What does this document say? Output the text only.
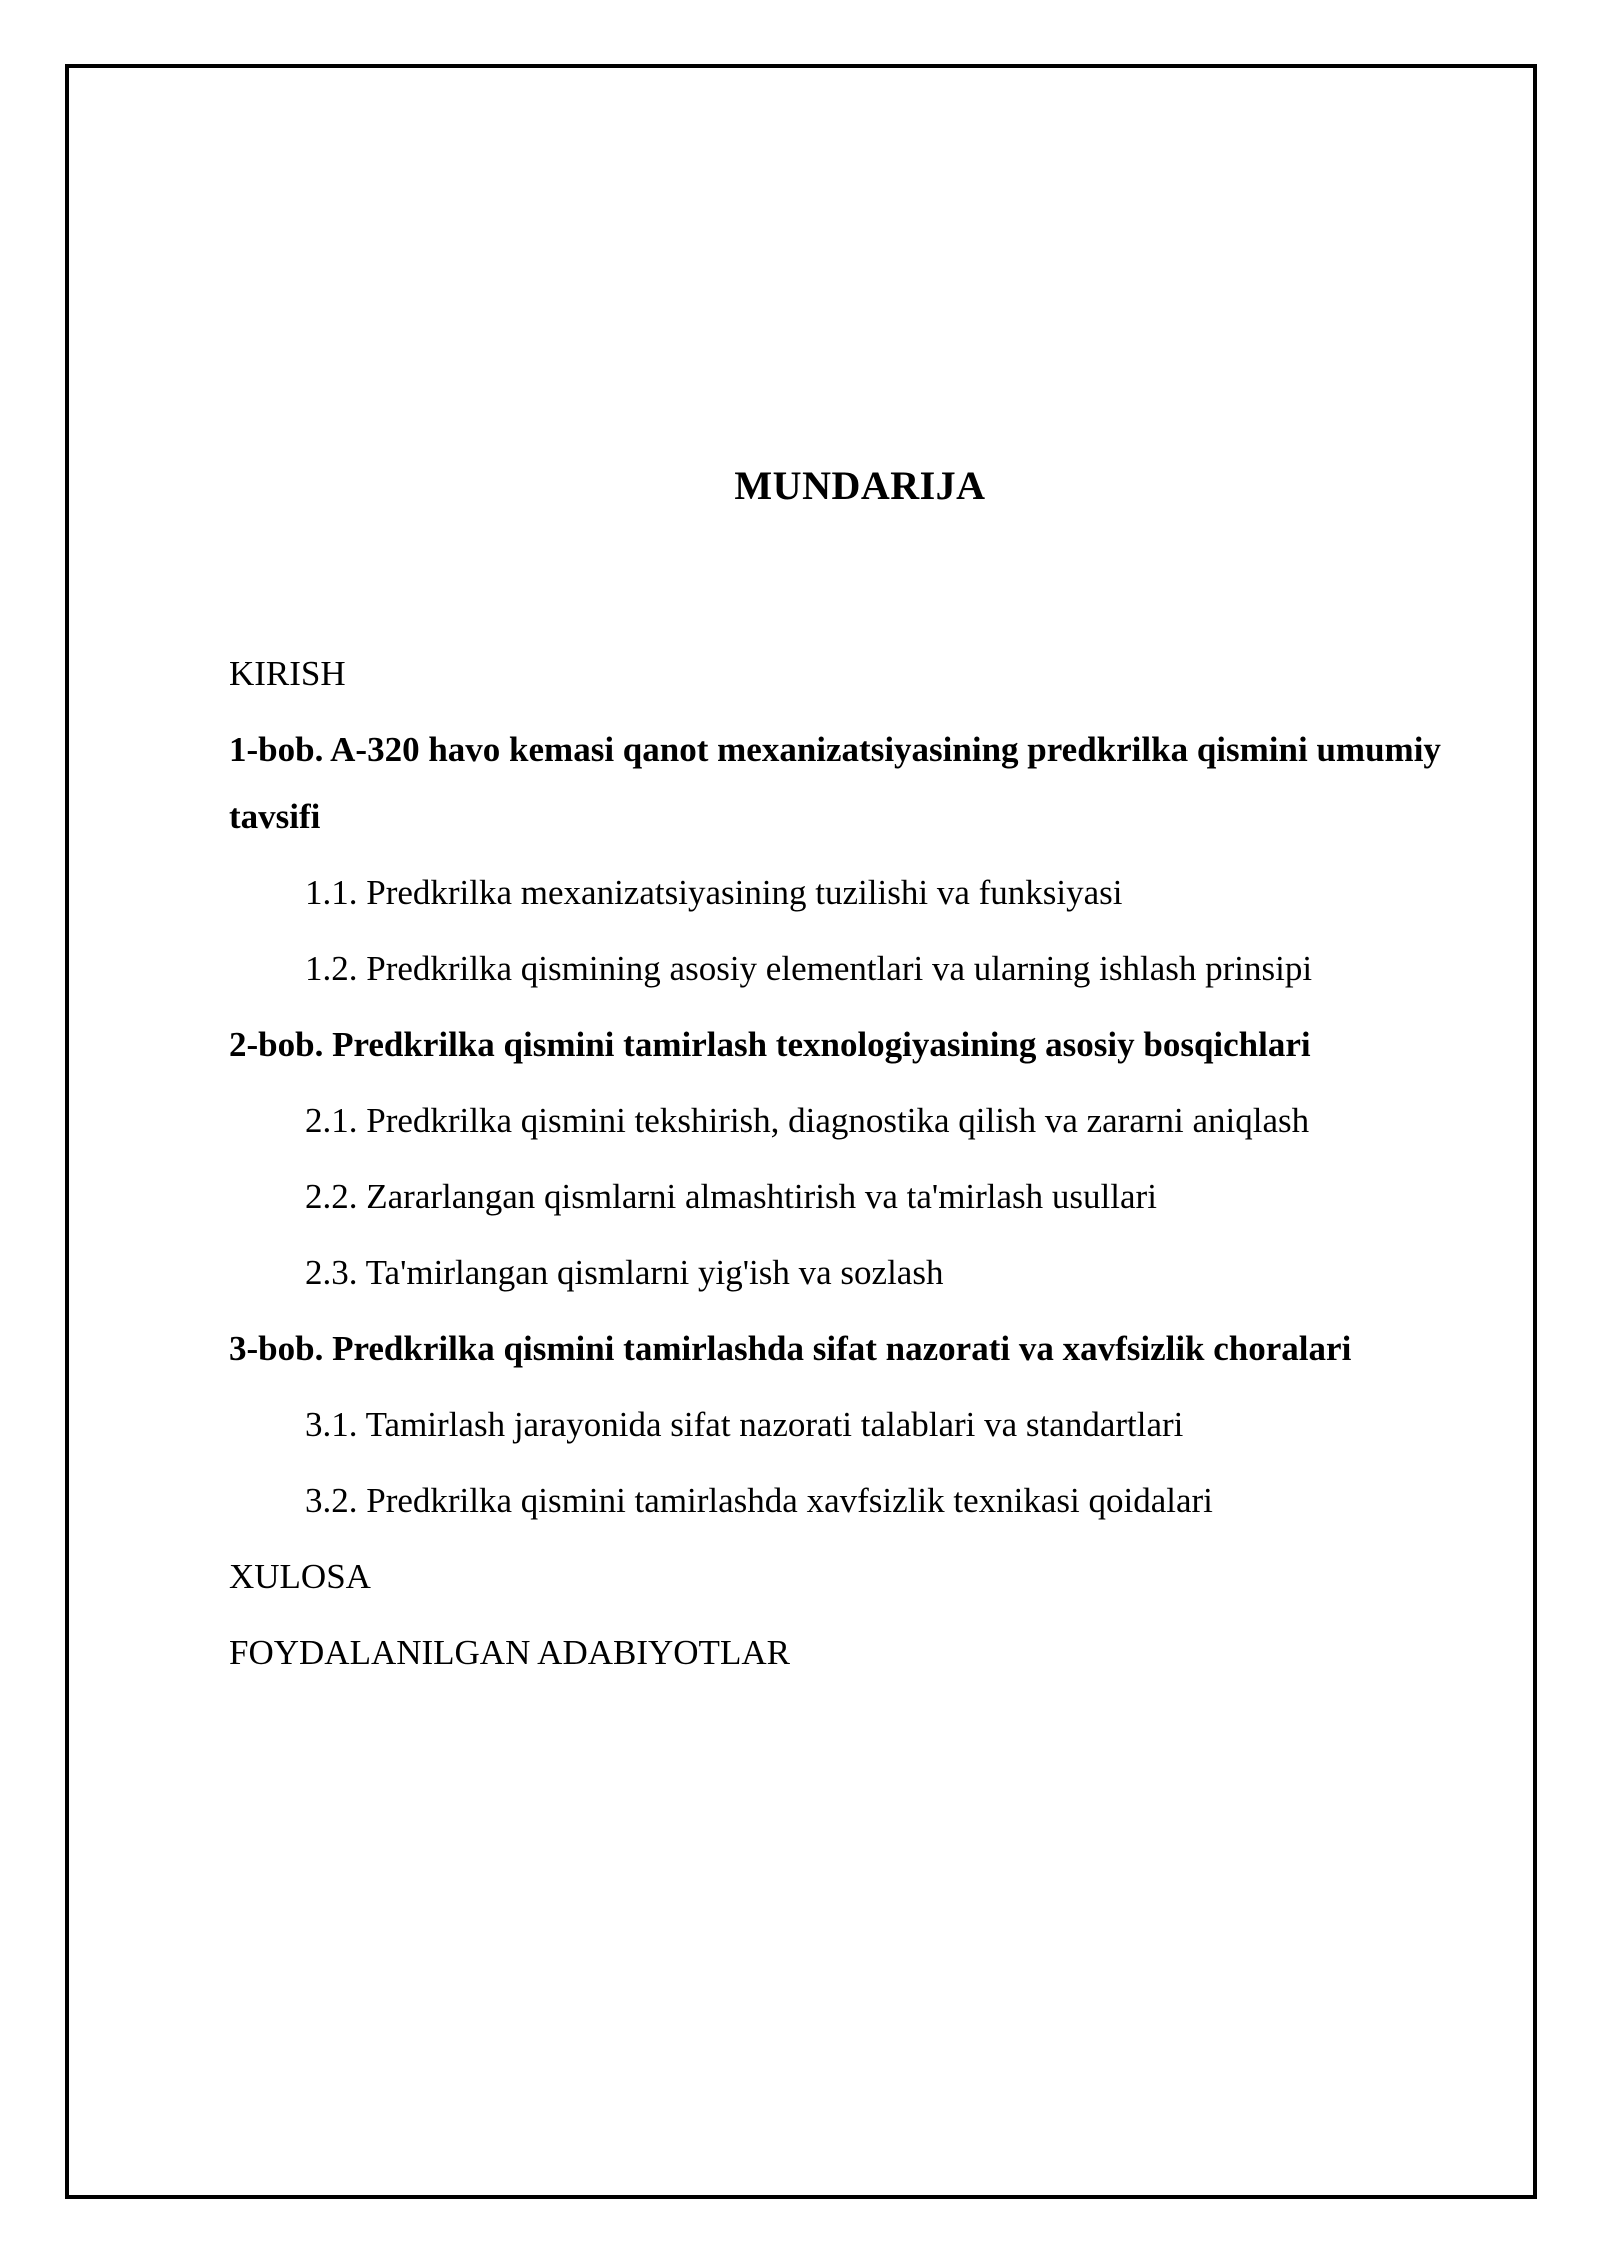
MUNDARIJA
KIRISH
1-bob. A-320 havo kemasi qanot mexanizatsiyasining predkrilka qismini umumiy tavsifi
1.1. Predkrilka mexanizatsiyasining tuzilishi va funksiyasi
1.2. Predkrilka qismining asosiy elementlari va ularning ishlash prinsipi
2-bob. Predkrilka qismini tamirlash texnologiyasining asosiy bosqichlari
2.1. Predkrilka qismini tekshirish, diagnostika qilish va zararni aniqlash
2.2. Zararlangan qismlarni almashtirish va ta'mirlash usullari
2.3. Ta'mirlangan qismlarni yig'ish va sozlash
3-bob. Predkrilka qismini tamirlashda sifat nazorati va xavfsizlik choralari
3.1. Tamirlash jarayonida sifat nazorati talablari va standartlari
3.2. Predkrilka qismini tamirlashda xavfsizlik texnikasi qoidalari
XULOSA
FOYDALANILGAN ADABIYOTLAR
